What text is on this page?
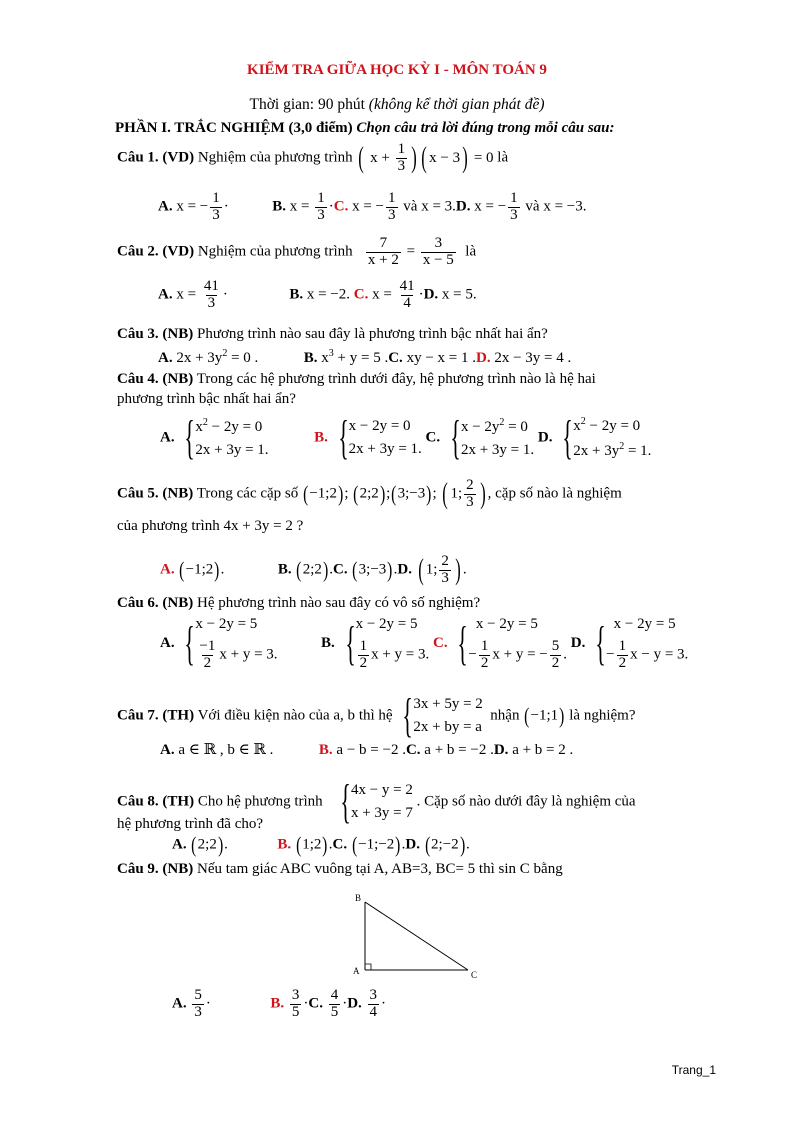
KIỂM TRA GIỮA HỌC KỲ I - MÔN TOÁN 9
Thời gian: 90 phút (không kể thời gian phát đề)
PHẦN I. TRẮC NGHIỆM (3,0 điểm) Chọn câu trả lời đúng trong mỗi câu sau:
Câu 1. (VD) Nghiệm của phương trình ( $x + \frac{1}{3}$ ) ( x − 3) = 0 là
A. x = − $\frac{1}{3}$ ·	B. $x = \frac{1}{3} \cdot C$. x = − $\frac{1}{3}$ và x = 3.D. x = − $\frac{1}{3}$ và x = −3.
Câu 2. (VD) Nghiệm của phương trình $\frac{7}{x + 2} = \frac{3}{x - 5}$ là
A. $x = \frac{41}{3}$ ·	B. x = −2. C. $x = \frac{41}{4} \cdot D$. x = 5.
Câu 3. (NB) Phương trình nào sau đây là phương trình bậc nhất hai ẩn?
A. $2x + 3y^2 = 0$ .	B. $x^3 + y = 5$ .C. xy − x = 1 .D. 2x − 3y = 4 .
Câu 4. (NB) Trong các hệ phương trình dưới đây, hệ phương trình nào là hệ hai
phương trình bậc nhất hai ẩn?
A. { $x^2 - 2y = 0$
2x + 3y = 1.
B. { x − 2y = 0
2x + 3y = 1.
C. { $x - 2y^2 = 0$
2x + 3y = 1.
D. { $x^2 - 2y = 0$
$2x + 3y^2 = 1$.
Câu 5. (NB) Trong các cặp số (−1;2); (2;2);(3;−3); ( 1; $\frac{2}{3}$ ) , cặp số nào là nghiệm
của phương trình 4x + 3y = 2 ?
A. (−1;2).	B. (2;2).C. (3;−3).D. ( 1; $\frac{2}{3}$ ) .
Câu 6. (NB) Hệ phương trình nào sau đây có vô số nghiệm?
A. { x − 2y = 5
$\frac{-1}{2}$ x + y = 3.
B. { x − 2y = 5
$\frac{1}{2}$ x + y = 3.
C. { x − 2y = 5
− $\frac{1}{2}$ x + y = − $\frac{5}{2}$ .
D. { x − 2y = 5
− $\frac{1}{2}$ x − y = 3.
Câu 7. (TH) Với điều kiện nào của a, b thì hệ { 3x + 5y = 2
2x + by = a
nhận (−1;1) là nghiệm?
A. a ∈ ℝ , b ∈ ℝ .	B. a − b = −2 .C. a + b = −2 .D. a + b = 2 .
Câu 8. (TH) Cho hệ phương trình { 4x − y = 2
x + 3y = 7
. Cặp số nào dưới đây là nghiệm của
hệ phương trình đã cho?
A. (2;2).	B. (1;2).C. (−1;−2).D. (2;−2).
Câu 9. (NB) Nếu tam giác ABC vuông tại A, AB=3, BC= 5 thì sin C bằng
B
A	C
A. $\frac{5}{3}$ ·	B. $\frac{3}{5} \cdot C$. $\frac{4}{5} \cdot D$. $\frac{3}{4}$ ·
Trang_1
